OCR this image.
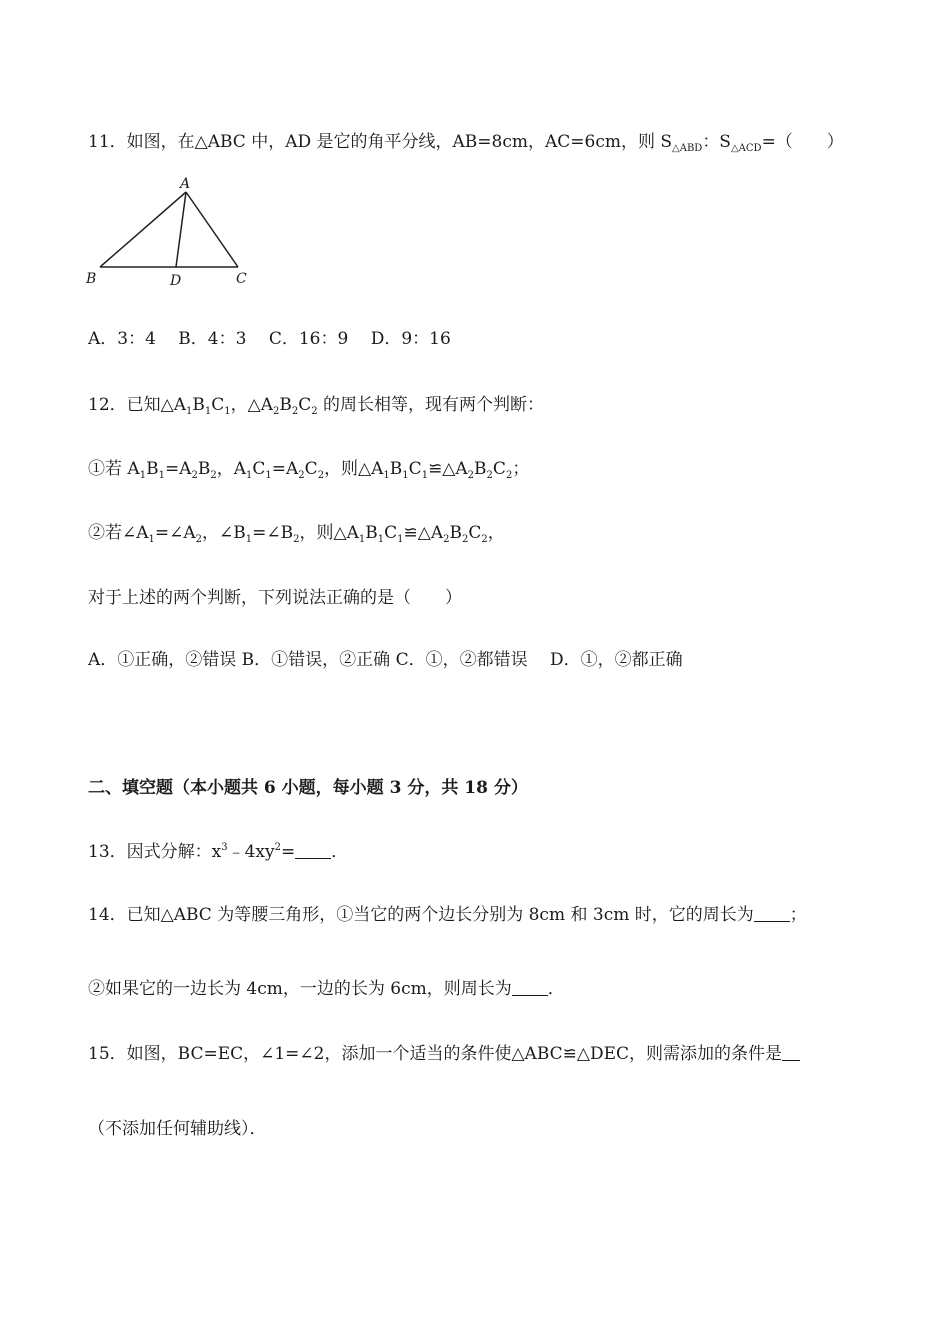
11．如图，在△ABC 中，AD 是它的角平分线，AB=8cm，AC=6cm，则 $S_{\triangle ABD}$：$S_{\triangle ACD}=$（　　）
A
B	D	C
A．3：4　 B．4：3　 C．16：9　 D．9：16
12．已知$\triangle A_1B_1C_1$，$\triangle A_2B_2C_2$ 的周长相等，现有两个判断：
①若 $A_1B_1=A_2B_2$，$A_1C_1=A_2C_2$，则$\triangle A_1B_1C_1≌\triangle A_2B_2C_2$；
②若$\angle A_1=\angle A_2$，$\angle B_1=\angle B_2$，则$\triangle A_1B_1C_1≌\triangle A_2B_2C_2$，
对于上述的两个判断，下列说法正确的是（　　）
A．①正确，②错误 B．①错误，②正确 C．①，②都错误　 D．①，②都正确
二、填空题（本小题共 6 小题，每小题 3 分，共 18 分）
13．因式分解：$x^3﹣4xy^2=$ ．
14．已知△ABC 为等腰三角形，①当它的两个边长分别为 8cm 和 3cm 时，它的周长为 ；
②如果它的一边长为 4cm，一边的长为 6cm，则周长为 ．
15．如图，BC=EC，∠1=∠2，添加一个适当的条件使△ABC≌△DEC，则需添加的条件是
（不添加任何辅助线）．
